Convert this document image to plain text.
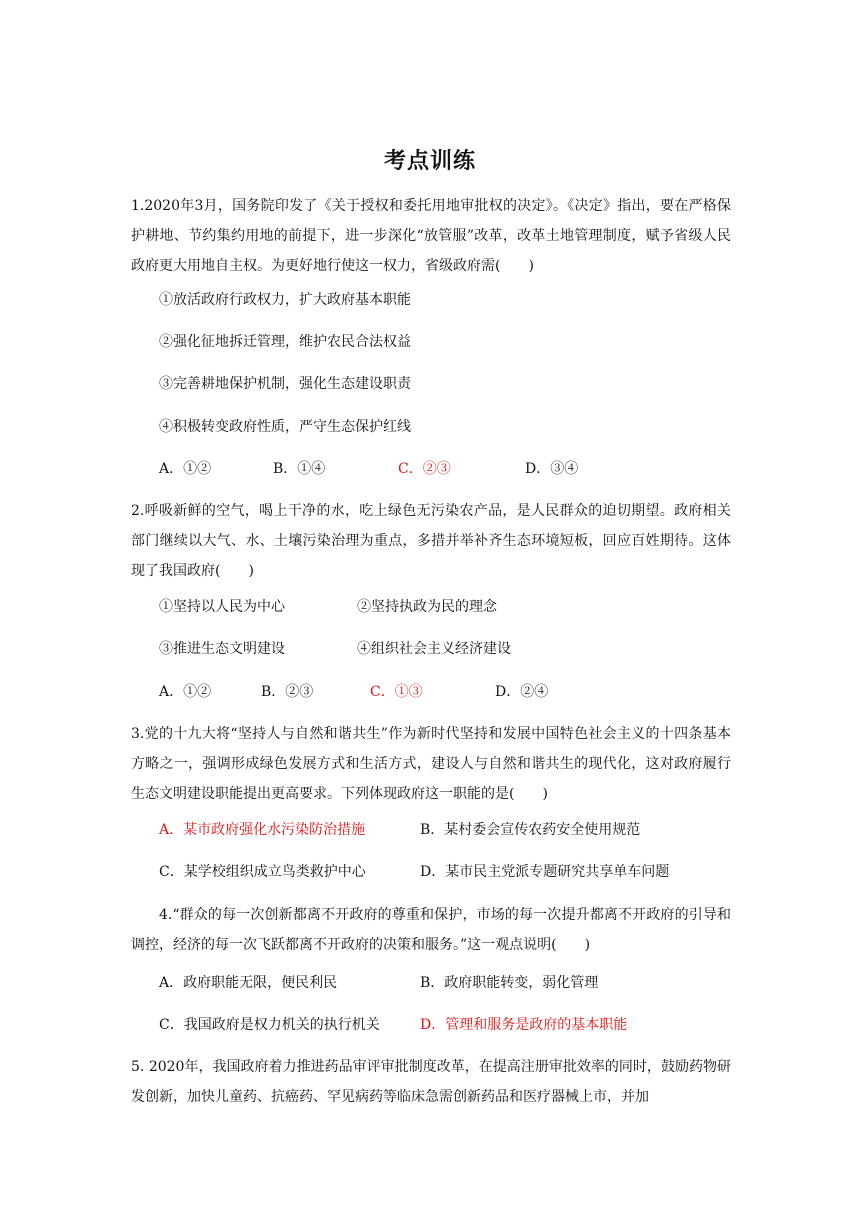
考点训练
1.2020年3月，国务院印发了《关于授权和委托用地审批权的决定》。《决定》指出，要在严格保护耕地、节约集约用地的前提下，进一步深化“放管服”改革，改革土地管理制度，赋予省级人民政府更大用地自主权。为更好地行使这一权力，省级政府需(　　)
①放活政府行政权力，扩大政府基本职能
②强化征地拆迁管理，维护农民合法权益
③完善耕地保护机制，强化生态建设职责
④积极转变政府性质，严守生态保护红线
A．①②	B．①④	C．②③	D．③④
2.呼吸新鲜的空气，喝上干净的水，吃上绿色无污染农产品，是人民群众的迫切期望。政府相关部门继续以大气、水、土壤污染治理为重点，多措并举补齐生态环境短板，回应百姓期待。这体现了我国政府(　　)
①坚持以人民为中心	②坚持执政为民的理念
③推进生态文明建设	④组织社会主义经济建设
A．①②	B．②③	C．①③	D．②④
3.党的十九大将“坚持人与自然和谐共生”作为新时代坚持和发展中国特色社会主义的十四条基本方略之一，强调形成绿色发展方式和生活方式，建设人与自然和谐共生的现代化，这对政府履行生态文明建设职能提出更高要求。下列体现政府这一职能的是(　　)
A．某市政府强化水污染防治措施	B．某村委会宣传农药安全使用规范
C．某学校组织成立鸟类救护中心	D．某市民主党派专题研究共享单车问题
4.“群众的每一次创新都离不开政府的尊重和保护，市场的每一次提升都离不开政府的引导和调控，经济的每一次飞跃都离不开政府的决策和服务。”这一观点说明(　　)
A．政府职能无限，便民利民	B．政府职能转变，弱化管理
C．我国政府是权力机关的执行机关	D．管理和服务是政府的基本职能
5. 2020年，我国政府着力推进药品审评审批制度改革，在提高注册审批效率的同时，鼓励药物研发创新，加快儿童药、抗癌药、罕见病药等临床急需创新药品和医疗器械上市，并加
